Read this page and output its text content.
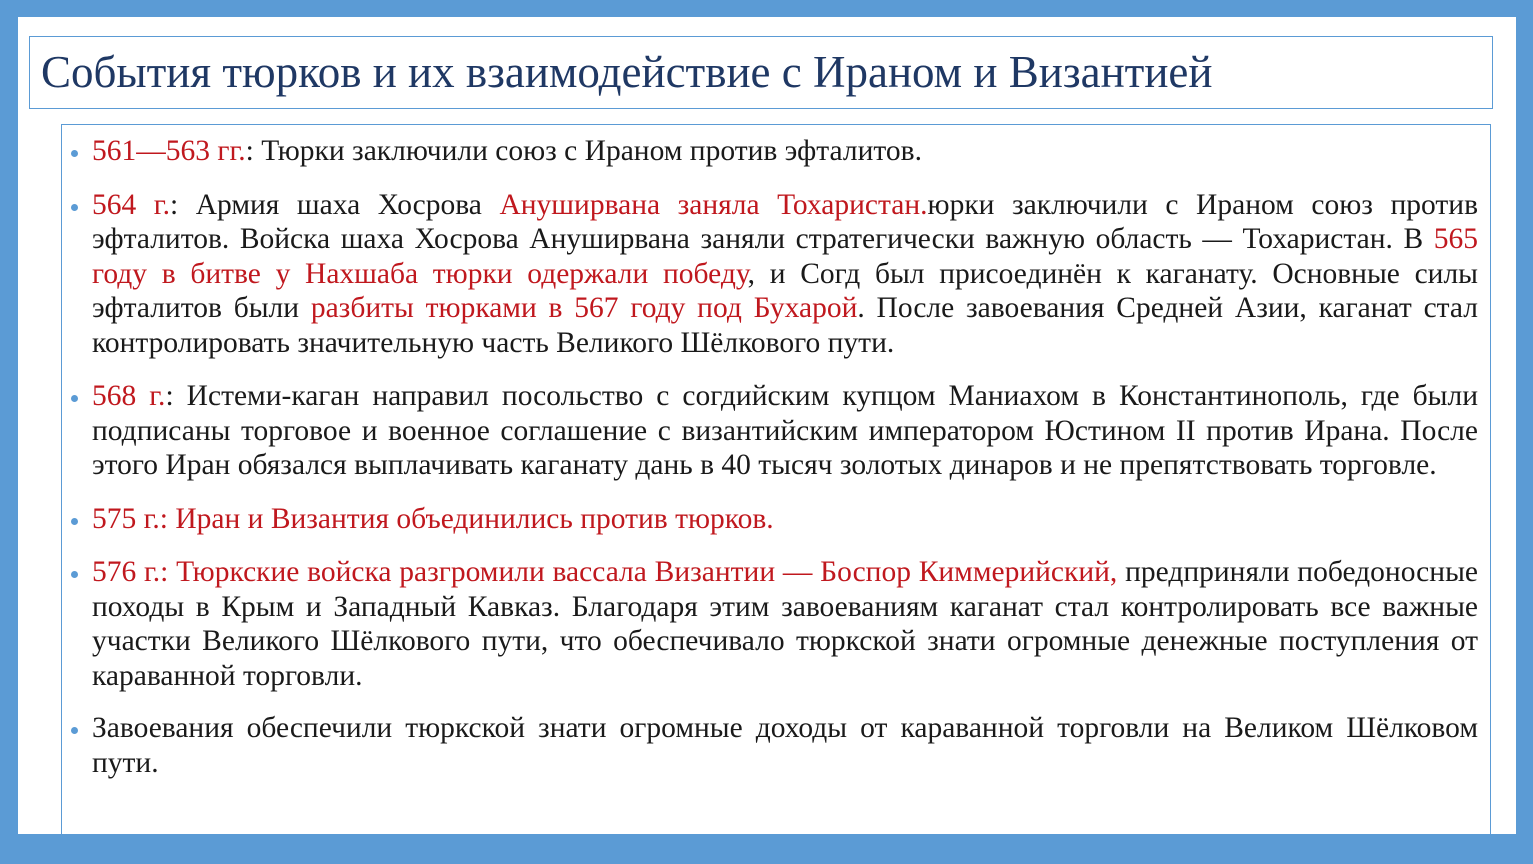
События тюрков и их взаимодействие с Ираном и Византией
561—563 гг.: Тюрки заключили союз с Ираном против эфталитов.
564 г.: Армия шаха Хосрова Ануширвана заняла Тохаристан.юрки заключили с Ираном союз против эфталитов. Войска шаха Хосрова Ануширвана заняли стратегически важную область — Тохаристан. В 565 году в битве у Нахшаба тюрки одержали победу, и Согд был присоединён к каганату. Основные силы эфталитов были разбиты тюрками в 567 году под Бухарой. После завоевания Средней Азии, каганат стал контролировать значительную часть Великого Шёлкового пути.
568 г.: Истеми-каган направил посольство с согдийским купцом Маниахом в Константинополь, где были подписаны торговое и военное соглашение с византийским императором Юстином II против Ирана. После этого Иран обязался выплачивать каганату дань в 40 тысяч золотых динаров и не препятствовать торговле.
575 г.: Иран и Византия объединились против тюрков.
576 г.: Тюркские войска разгромили вассала Византии — Боспор Киммерийский, предприняли победоносные походы в Крым и Западный Кавказ. Благодаря этим завоеваниям каганат стал контролировать все важные участки Великого Шёлкового пути, что обеспечивало тюркской знати огромные денежные поступления от караванной торговли.
Завоевания обеспечили тюркской знати огромные доходы от караванной торговли на Великом Шёлковом пути.
